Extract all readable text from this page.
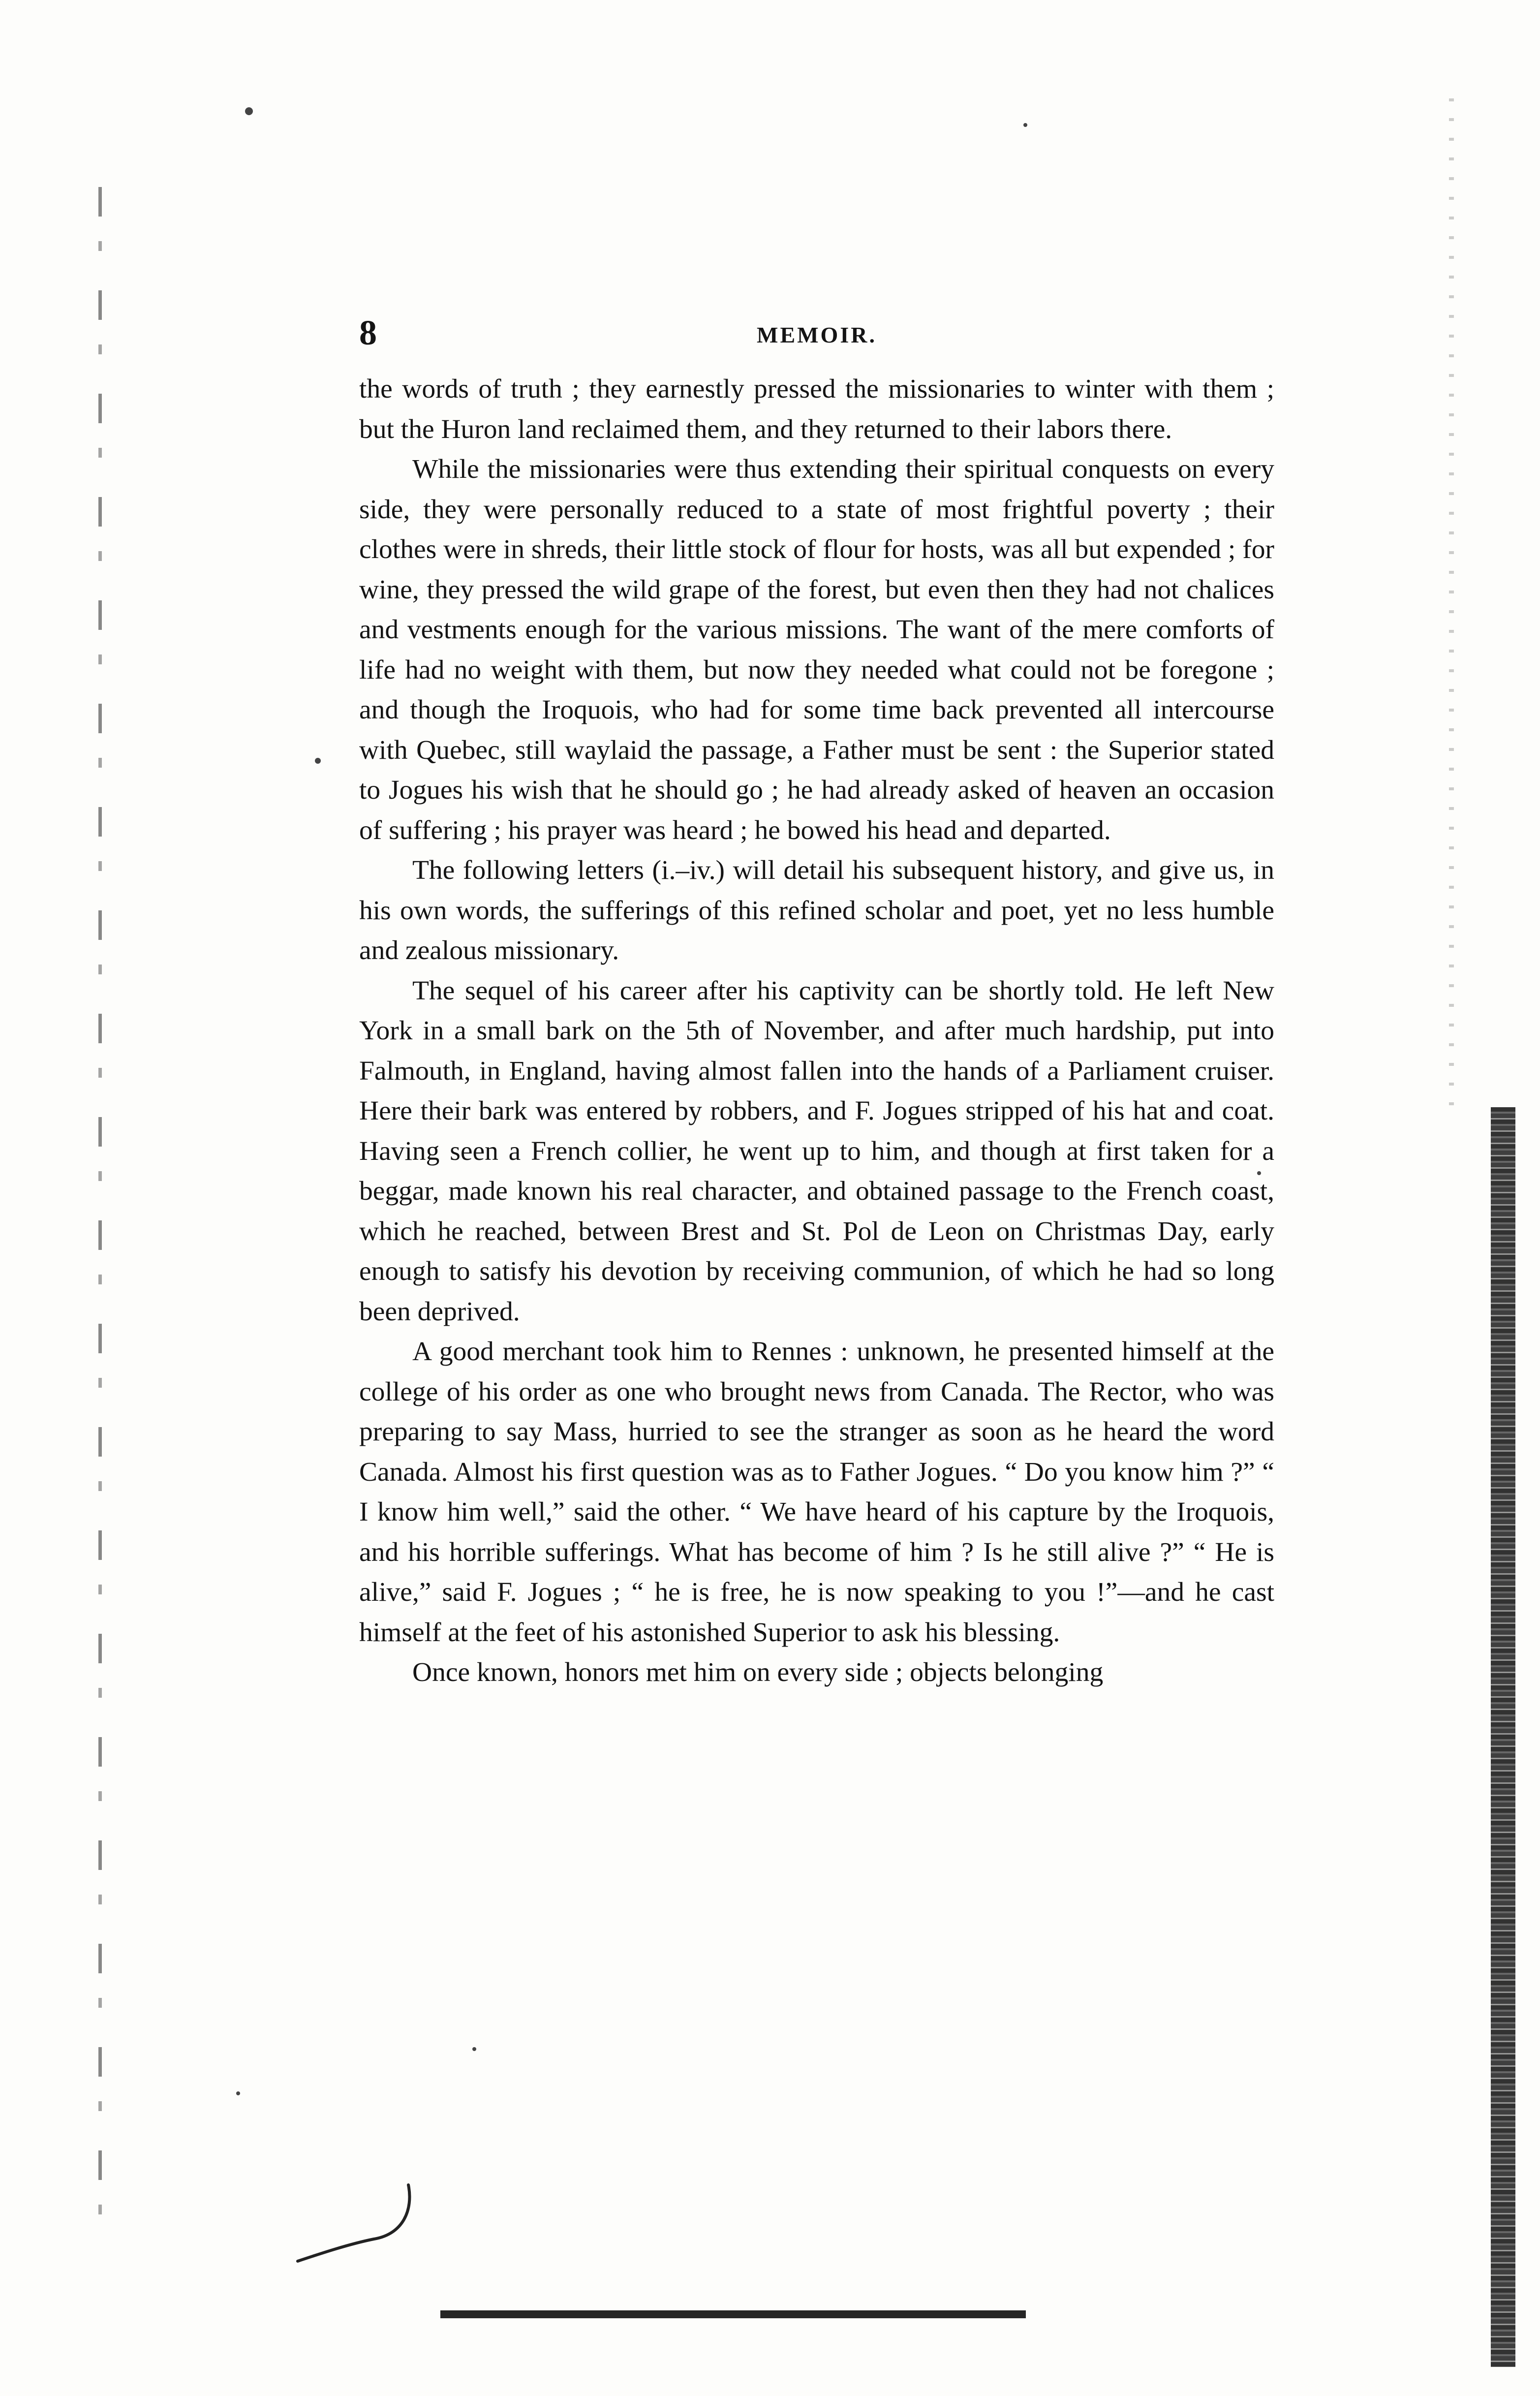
8	MEMOIR.

the words of truth ; they earnestly pressed the missionaries to winter with them ; but the Huron land reclaimed them, and they returned to their labors there.

While the missionaries were thus extending their spiritual conquests on every side, they were personally reduced to a state of most frightful poverty ; their clothes were in shreds, their little stock of flour for hosts, was all but expended ; for wine, they pressed the wild grape of the forest, but even then they had not chalices and vestments enough for the various missions. The want of the mere comforts of life had no weight with them, but now they needed what could not be foregone ; and though the Iroquois, who had for some time back prevented all intercourse with Quebec, still waylaid the passage, a Father must be sent : the Superior stated to Jogues his wish that he should go ; he had already asked of heaven an occasion of suffering ; his prayer was heard ; he bowed his head and departed.

The following letters (i.–iv.) will detail his subsequent history, and give us, in his own words, the sufferings of this refined scholar and poet, yet no less humble and zealous missionary.

The sequel of his career after his captivity can be shortly told. He left New York in a small bark on the 5th of November, and after much hardship, put into Falmouth, in England, having almost fallen into the hands of a Parliament cruiser. Here their bark was entered by robbers, and F. Jogues stripped of his hat and coat. Having seen a French collier, he went up to him, and though at first taken for a beggar, made known his real character, and obtained passage to the French coast, which he reached, between Brest and St. Pol de Leon on Christmas Day, early enough to satisfy his devotion by receiving communion, of which he had so long been deprived.

A good merchant took him to Rennes : unknown, he presented himself at the college of his order as one who brought news from Canada. The Rector, who was preparing to say Mass, hurried to see the stranger as soon as he heard the word Canada. Almost his first question was as to Father Jogues. “ Do you know him ?” “ I know him well,” said the other. “ We have heard of his capture by the Iroquois, and his horrible sufferings. What has become of him ? Is he still alive ?” “ He is alive,” said F. Jogues ; “ he is free, he is now speaking to you !”—and he cast himself at the feet of his astonished Superior to ask his blessing.

Once known, honors met him on every side ; objects belonging
